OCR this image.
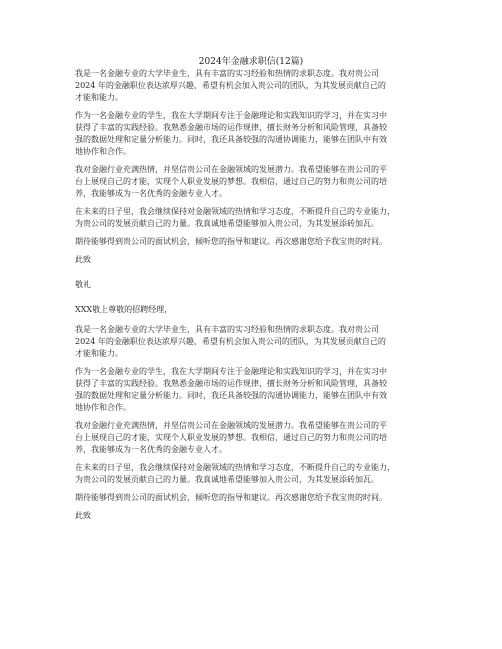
2024年金融求职信(12篇)
我是一名金融专业的大学毕业生，具有丰富的实习经验和热情的求职态度。我对贵公司
2024 年的金融职位表达浓厚兴趣，希望有机会加入贵公司的团队，为其发展贡献自己的
才能和能力。
作为一名金融专业的学生，我在大学期间专注于金融理论和实践知识的学习，并在实习中
获得了丰富的实践经验。我熟悉金融市场的运作规律，擅长财务分析和风险管理，具备较
强的数据处理和定量分析能力。同时，我还具备较强的沟通协调能力，能够在团队中有效
地协作和合作。
我对金融行业充满热情，并坚信贵公司在金融领域的发展潜力。我希望能够在贵公司的平
台上展现自己的才能，实现个人职业发展的梦想。我相信，通过自己的努力和贵公司的培
养，我能够成为一名优秀的金融专业人才。
在未来的日子里，我会继续保持对金融领域的热情和学习态度，不断提升自己的专业能力，
为贵公司的发展贡献自己的力量。我真诚地希望能够加入贵公司，为其发展添砖加瓦。
期待能够得到贵公司的面试机会，倾听您的指导和建议。再次感谢您给予我宝贵的时间。
此致
敬礼
XXX敬上尊敬的招聘经理，
我是一名金融专业的大学毕业生，具有丰富的实习经验和热情的求职态度。我对贵公司
2024 年的金融职位表达浓厚兴趣，希望有机会加入贵公司的团队，为其发展贡献自己的
才能和能力。
作为一名金融专业的学生，我在大学期间专注于金融理论和实践知识的学习，并在实习中
获得了丰富的实践经验。我熟悉金融市场的运作规律，擅长财务分析和风险管理，具备较
强的数据处理和定量分析能力。同时，我还具备较强的沟通协调能力，能够在团队中有效
地协作和合作。
我对金融行业充满热情，并坚信贵公司在金融领域的发展潜力。我希望能够在贵公司的平
台上展现自己的才能，实现个人职业发展的梦想。我相信，通过自己的努力和贵公司的培
养，我能够成为一名优秀的金融专业人才。
在未来的日子里，我会继续保持对金融领域的热情和学习态度，不断提升自己的专业能力，
为贵公司的发展贡献自己的力量。我真诚地希望能够加入贵公司，为其发展添砖加瓦。
期待能够得到贵公司的面试机会，倾听您的指导和建议。再次感谢您给予我宝贵的时间。
此致
